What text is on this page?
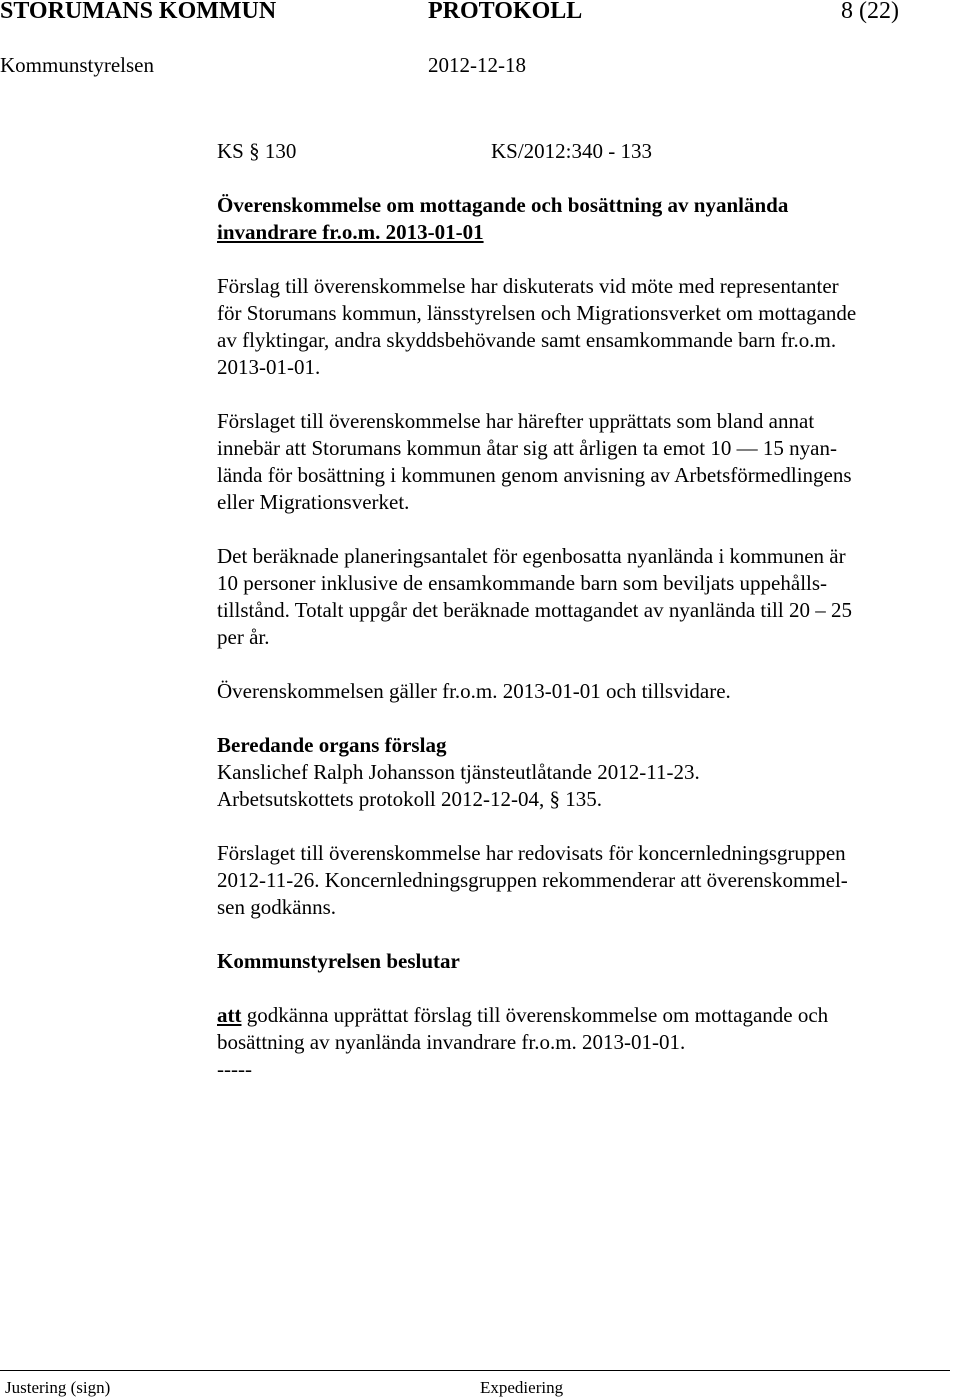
STORUMANS KOMMUN	PROTOKOLL	8 (22)
Kommunstyrelsen	2012-12-18
KS § 130	KS/2012:340 - 133

Överenskommelse om mottagande och bosättning av nyanlända

invandrare fr.o.m. 2013-01-01

Förslag till överenskommelse har diskuterats vid möte med representanter

för Storumans kommun, länsstyrelsen och Migrationsverket om mottagande

av flyktingar, andra skyddsbehövande samt ensamkommande barn fr.o.m.

2013-01-01.

Förslaget till överenskommelse har härefter upprättats som bland annat

innebär att Storumans kommun åtar sig att årligen ta emot 10 — 15 nyan-

lända för bosättning i kommunen genom anvisning av Arbetsförmedlingens

eller Migrationsverket.

Det beräknade planeringsantalet för egenbosatta nyanlända i kommunen är

10 personer inklusive de ensamkommande barn som beviljats uppehålls-

tillstånd. Totalt uppgår det beräknade mottagandet av nyanlända till 20 – 25

per år.

Överenskommelsen gäller fr.o.m. 2013-01-01 och tillsvidare.

Beredande organs förslag

Kanslichef Ralph Johansson tjänsteutlåtande 2012-11-23.

Arbetsutskottets protokoll 2012-12-04, § 135.

Förslaget till överenskommelse har redovisats för koncernledningsgruppen

2012-11-26. Koncernledningsgruppen rekommenderar att överenskommel-

sen godkänns.

Kommunstyrelsen beslutar

att godkänna upprättat förslag till överenskommelse om mottagande och

bosättning av nyanlända invandrare fr.o.m. 2013-01-01.

-----

Justering (sign)	Expediering
